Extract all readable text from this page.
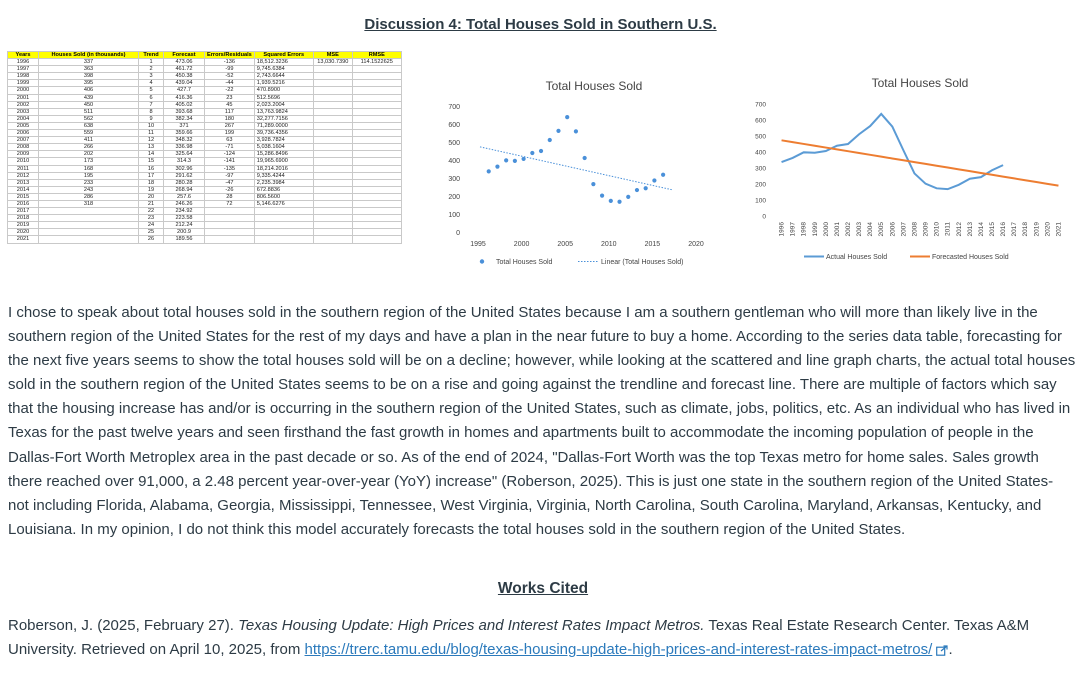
Discussion 4: Total Houses Sold in Southern U.S.
Years	Houses Sold (in thousands)	Trend	Forecast	Errors/Residuals	Squared Errors	MSE	RMSE
1996	337	1	473.06	-136	18,512.3236	13,030.7390	114.1522625
1997	363	2	461.72	-99	9,745.6384		
1998	398	3	450.38	-52	2,743.6644		
1999	395	4	439.04	-44	1,939.5216		
2000	406	5	427.7	-22	470.8900		
2001	439	6	416.36	23	512.5696		
2002	450	7	405.02	45	2,023.2004		
2003	511	8	393.68	117	13,763.9824		
2004	562	9	382.34	180	32,277.7156		
2005	638	10	371	267	71,289.0000		
2006	559	11	359.66	199	39,736.4356		
2007	411	12	348.32	63	3,928.7824		
2008	266	13	336.98	-71	5,038.1604		
2009	202	14	325.64	-124	15,286.8496		
2010	173	15	314.3	-141	19,965.6900		
2011	168	16	302.96	-135	18,214.2016		
2012	195	17	291.62	-97	9,335.4244		
2013	233	18	280.28	-47	2,235.3984		
2014	243	19	268.94	-26	672.8836		
2015	286	20	257.6	28	806.5600		
2016	318	21	246.26	72	5,146.6276		
2017		22	234.92				
2018		23	223.58				
2019		24	212.24				
2020		25	200.9				
2021		26	189.56				
Total Houses Sold
0
100
200
300
400
500
600
700
1995	2000	2005	2010	2015	2020
Total Houses Sold	Linear (Total Houses Sold)
Total Houses Sold
0
100
200
300
400
500
600
700
1996 1997 1998 1999 2000 2001 2002 2003 2004 2005 2006 2007 2008 2009 2010 2011 2012 2013 2014 2015 2016 2017 2018 2019 2020 2021
Actual Houses Sold	Forecasted Houses Sold

I chose to speak about total houses sold in the southern region of the United States because I am a southern gentleman who will more than likely live in the southern region of the United States for the rest of my days and have a plan in the near future to buy a home. According to the series data table, forecasting for the next five years seems to show the total houses sold will be on a decline; however, while looking at the scattered and line graph charts, the actual total houses sold in the southern region of the United States seems to be on a rise and going against the trendline and forecast line. There are multiple of factors which say that the housing increase has and/or is occurring in the southern region of the United States, such as climate, jobs, politics, etc. As an individual who has lived in Texas for the past twelve years and seen firsthand the fast growth in homes and apartments built to accommodate the incoming population of people in the Dallas-Fort Worth Metroplex area in the past decade or so. As of the end of 2024, "Dallas-Fort Worth was the top Texas metro for home sales. Sales growth there reached over 91,000, a 2.48 percent year-over-year (YoY) increase" (Roberson, 2025). This is just one state in the southern region of the United States- not including Florida, Alabama, Georgia, Mississippi, Tennessee, West Virginia, Virginia, North Carolina, South Carolina, Maryland, Arkansas, Kentucky, and Louisiana. In my opinion, I do not think this model accurately forecasts the total houses sold in the southern region of the United States.

Works Cited
Roberson, J. (2025, February 27). Texas Housing Update: High Prices and Interest Rates Impact Metros. Texas Real Estate Research Center. Texas A&M University. Retrieved on April 10, 2025, from https://trerc.tamu.edu/blog/texas-housing-update-high-prices-and-interest-rates-impact-metros/ .
